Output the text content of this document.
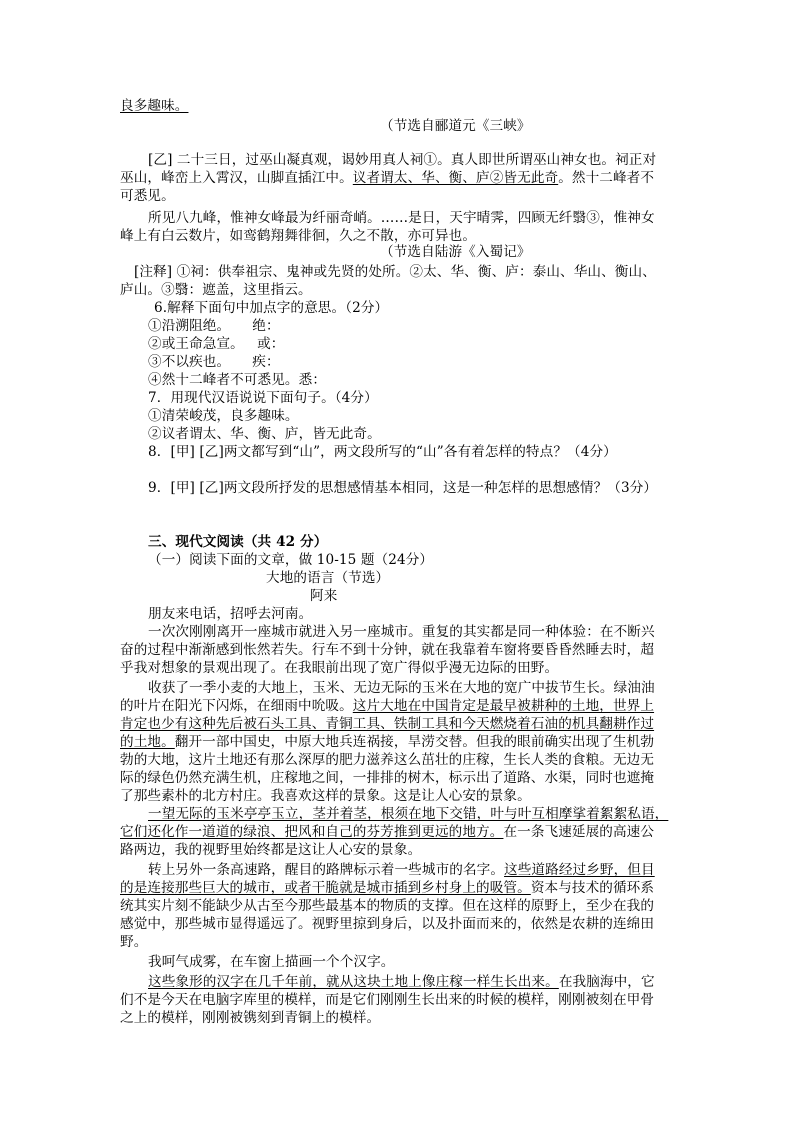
良多趣味。
（节选自郦道元《三峡》
[乙] 二十三日，过巫山凝真观，谒妙用真人祠①。真人即世所谓巫山神女也。祠正对
巫山，峰峦上入霄汉，山脚直插江中。议者谓太、华、衡、庐②皆无此奇。然十二峰者不
可悉见。
所见八九峰，惟神女峰最为纤丽奇峭。……是日，天宇晴霁，四顾无纤翳③，惟神女
峰上有白云数片，如鸾鹤翔舞徘徊，久之不散，亦可异也。
（节选自陆游《入蜀记》
[注释] ①祠：供奉祖宗、鬼神或先贤的处所。②太、华、衡、庐：泰山、华山、衡山、
庐山。③翳：遮盖，这里指云。
6.解释下面句中加点字的意思。（2分）
①沿溯阻绝。     绝：
②或王命急宣。   或：
③不以疾也。     疾：
④然十二峰者不可悉见。悉：
7．用现代汉语说说下面句子。（4分）
①清荣峻茂，良多趣味。
②议者谓太、华、衡、庐，皆无此奇。
8．[甲] [乙]两文都写到“山”，两文段所写的“山”各有着怎样的特点？（4分）
9．[甲] [乙]两文段所抒发的思想感情基本相同，这是一种怎样的思想感情？（3分）
三、现代文阅读（共 42 分）
（一）阅读下面的文章，做 10-15 题（24分）
大地的语言（节选）
阿来
朋友来电话，招呼去河南。
一次次刚刚离开一座城市就进入另一座城市。重复的其实都是同一种体验：在不断兴
奋的过程中渐渐感到怅然若失。行车不到十分钟，就在我靠着车窗将要昏昏然睡去时，超
乎我对想象的景观出现了。在我眼前出现了宽广得似乎漫无边际的田野。
收获了一季小麦的大地上，玉米、无边无际的玉米在大地的宽广中拔节生长。绿油油
的叶片在阳光下闪烁，在细雨中吮吸。这片大地在中国肯定是最早被耕种的土地，世界上
肯定也少有这种先后被石头工具、青铜工具、铁制工具和今天燃烧着石油的机具翻耕作过
的土地。翻开一部中国史，中原大地兵连祸接，旱涝交替。但我的眼前确实出现了生机勃
勃的大地，这片土地还有那么深厚的肥力滋养这么茁壮的庄稼，生长人类的食粮。无边无
际的绿色仍然充满生机，庄稼地之间，一排排的树木，标示出了道路、水渠，同时也遮掩
了那些素朴的北方村庄。我喜欢这样的景象。这是让人心安的景象。
一望无际的玉米亭亭玉立，茎并着茎，根须在地下交错，叶与叶互相摩挲着絮絮私语，
它们还化作一道道的绿浪、把风和自己的芬芳推到更远的地方。在一条飞速延展的高速公
路两边，我的视野里始终都是这让人心安的景象。
转上另外一条高速路，醒目的路牌标示着一些城市的名字。这些道路经过乡野，但目
的是连接那些巨大的城市，或者干脆就是城市插到乡村身上的吸管。资本与技术的循环系
统其实片刻不能缺少从古至今那些最基本的物质的支撑。但在这样的原野上，至少在我的
感觉中，那些城市显得遥远了。视野里掠到身后，以及扑面而来的，依然是农耕的连绵田
野。
我呵气成雾，在车窗上描画一个个汉字。
这些象形的汉字在几千年前，就从这块土地上像庄稼一样生长出来。在我脑海中，它
们不是今天在电脑字库里的模样，而是它们刚刚生长出来的时候的模样，刚刚被刻在甲骨
之上的模样，刚刚被镌刻到青铜上的模样。
